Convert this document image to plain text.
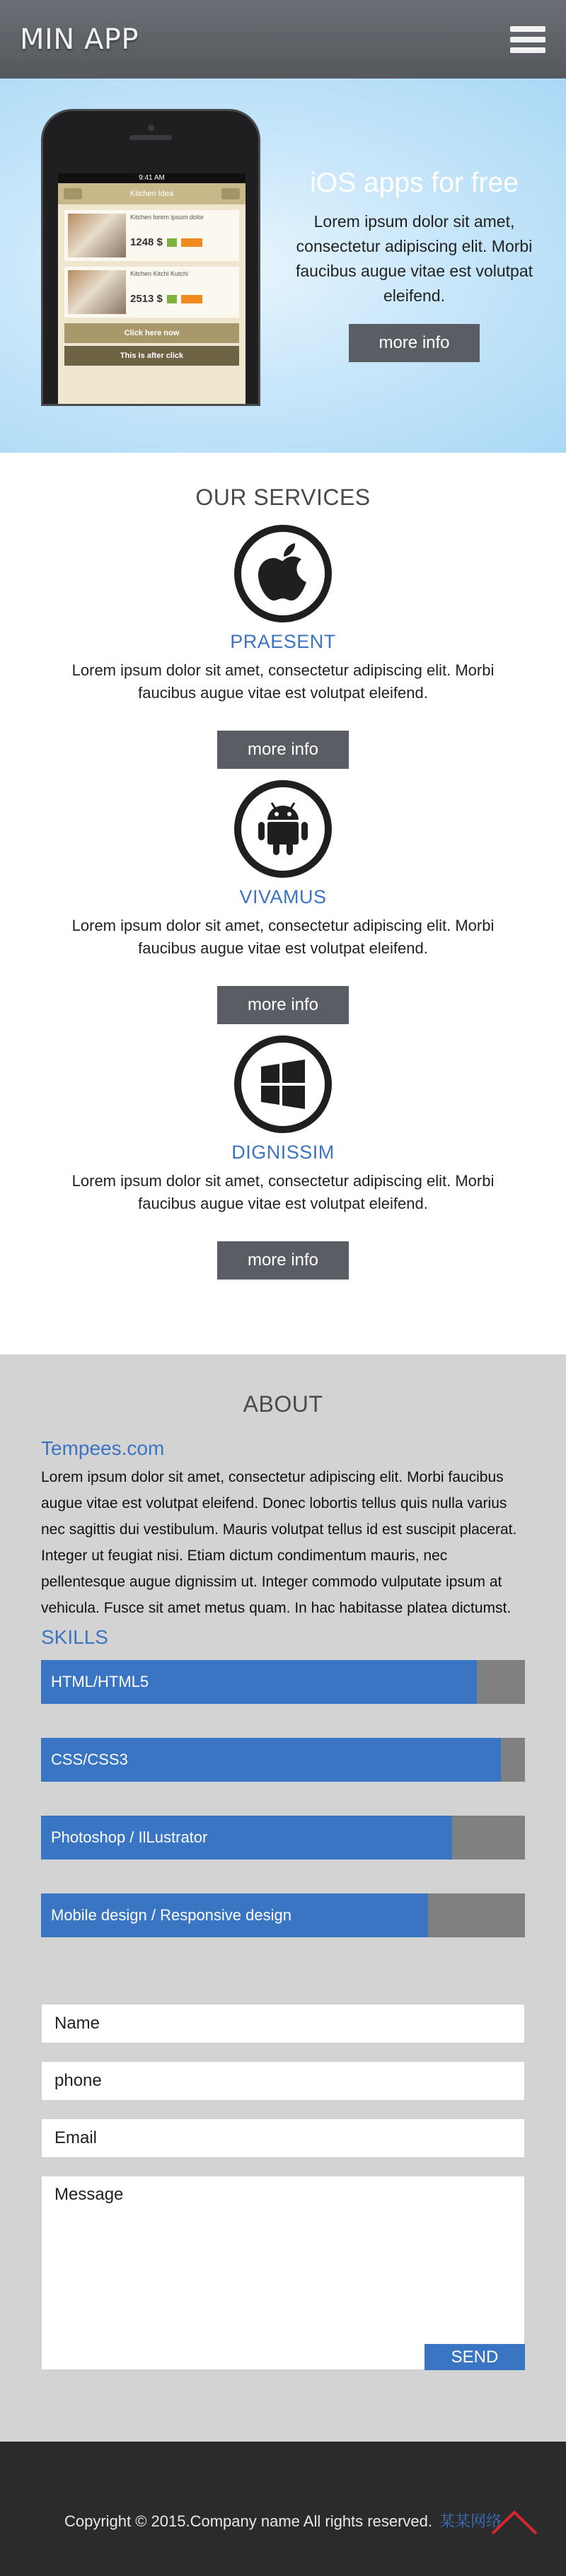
MIN APP
9:41 AM
Kitchen Idea
Kitchen lorem ipsum dolor
1248 $
Kitchen Kitchi Kutchi
2513 $
Click here now
This is after click
iOS apps for free

Lorem ipsum dolor sit amet, consectetur adipiscing elit. Morbi faucibus augue vitae est volutpat eleifend.

more info
OUR SERVICES
PRAESENT

Lorem ipsum dolor sit amet, consectetur adipiscing elit. Morbi faucibus augue vitae est volutpat eleifend.

more info
VIVAMUS

Lorem ipsum dolor sit amet, consectetur adipiscing elit. Morbi faucibus augue vitae est volutpat eleifend.

more info
DIGNISSIM

Lorem ipsum dolor sit amet, consectetur adipiscing elit. Morbi faucibus augue vitae est volutpat eleifend.

more info
ABOUT
Tempees.com

Lorem ipsum dolor sit amet, consectetur adipiscing elit. Morbi faucibus augue vitae est volutpat eleifend. Donec lobortis tellus quis nulla varius nec sagittis dui vestibulum. Mauris volutpat tellus id est suscipit placerat. Integer ut feugiat nisi. Etiam dictum condimentum mauris, nec pellentesque augue dignissim ut. Integer commodo vulputate ipsum at vehicula. Fusce sit amet metus quam. In hac habitasse platea dictumst.

SKILLS
HTML/HTML5
CSS/CSS3
Photoshop / IlLustrator
Mobile design / Responsive design
Name
phone
Email
Message
SEND

Copyright © 2015.Company name All rights reserved. 某某网络
